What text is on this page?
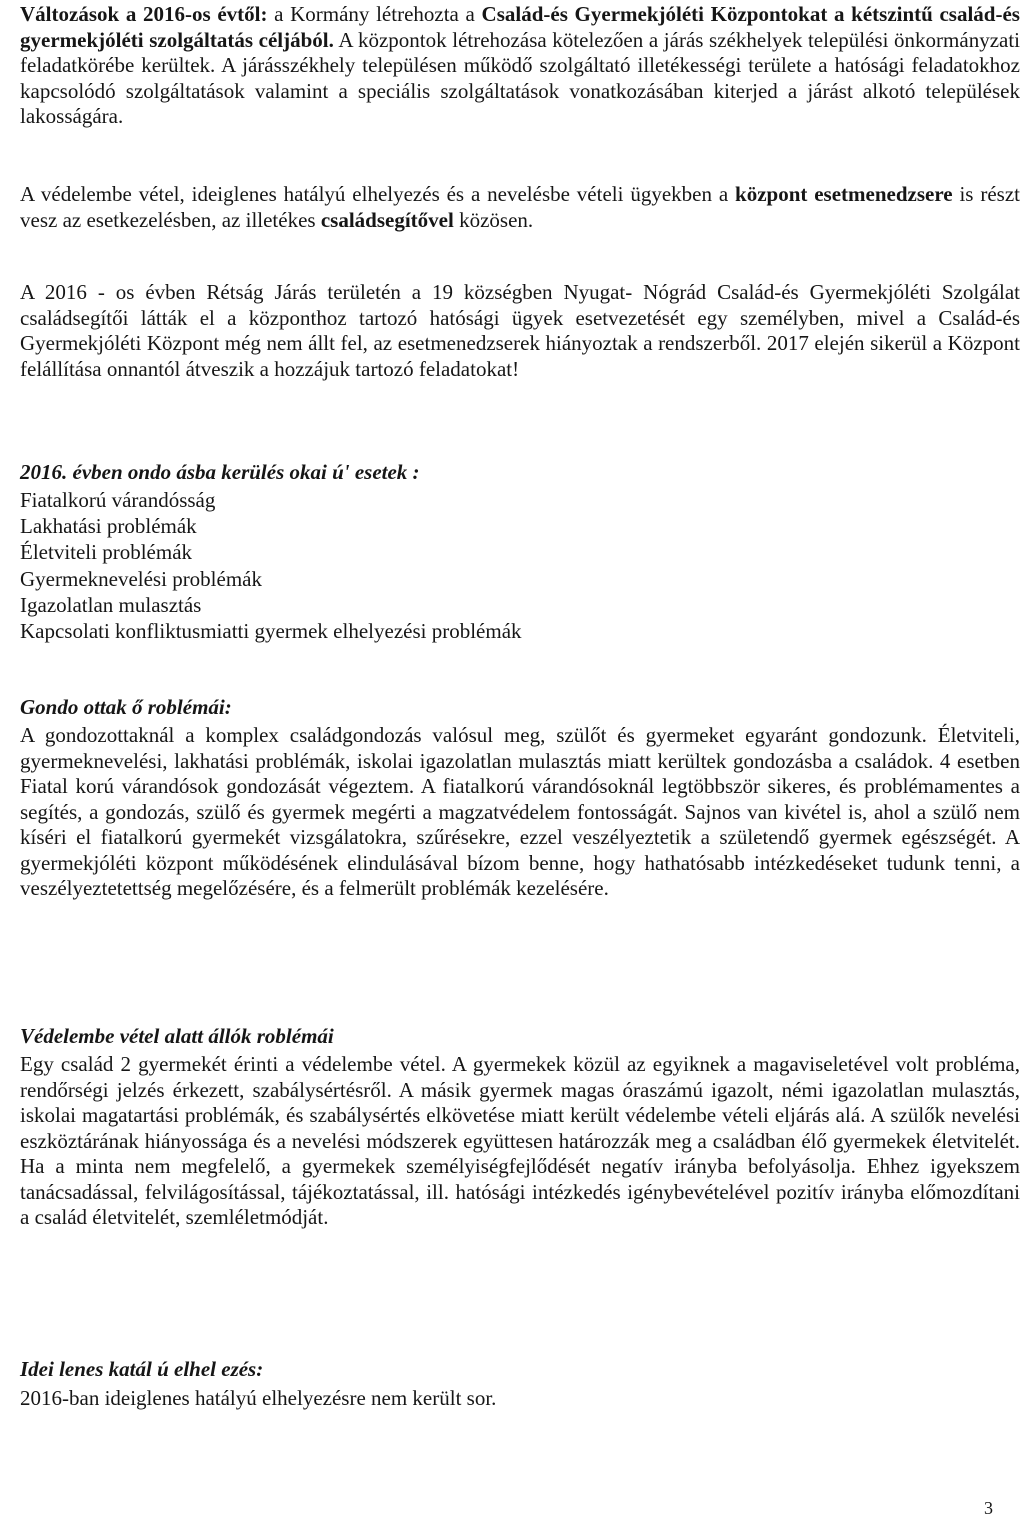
Változások a 2016-os évtől: a Kormány létrehozta a Család-és Gyermekjóléti Központokat a kétszintű család-és gyermekjóléti szolgáltatás céljából. A központok létrehozása kötelezően a járás székhelyek települési önkormányzati feladatkörébe kerültek. A járásszékhely településen működő szolgáltató illetékességi területe a hatósági feladatokhoz kapcsolódó szolgáltatások valamint a speciális szolgáltatások vonatkozásában kiterjed a járást alkotó települések lakosságára.

A védelembe vétel, ideiglenes hatályú elhelyezés és a nevelésbe vételi ügyekben a központ esetmenedzsere is részt vesz az esetkezelésben, az illetékes családsegítővel közösen.

A 2016 - os évben Rétság Járás területén a 19 községben Nyugat- Nógrád Család-és Gyermekjóléti Szolgálat családsegítői látták el a központhoz tartozó hatósági ügyek esetvezetését egy személyben, mivel a Család-és Gyermekjóléti Központ még nem állt fel, az esetmenedzserek hiányoztak a rendszerből. 2017 elején sikerül a Központ felállítása onnantól átveszik a hozzájuk tartozó feladatokat!

2016. évben ondo ásba kerülés okai ú' esetek :
Fiatalkorú várandósság
Lakhatási problémák
Életviteli problémák
Gyermeknevelési problémák
Igazolatlan mulasztás
Kapcsolati konfliktusmiatti gyermek elhelyezési problémák
Gondo ottak ő roblémái:

A gondozottaknál a komplex családgondozás valósul meg, szülőt és gyermeket egyaránt gondozunk. Életviteli, gyermeknevelési, lakhatási problémák, iskolai igazolatlan mulasztás miatt kerültek gondozásba a családok. 4 esetben Fiatal korú várandósok gondozását végeztem. A fiatalkorú várandósoknál legtöbbször sikeres, és problémamentes a segítés, a gondozás, szülő és gyermek megérti a magzatvédelem fontosságát. Sajnos van kivétel is, ahol a szülő nem kíséri el fiatalkorú gyermekét vizsgálatokra, szűrésekre, ezzel veszélyeztetik a születendő gyermek egészségét. A gyermekjóléti központ működésének elindulásával bízom benne, hogy hathatósabb intézkedéseket tudunk tenni, a veszélyeztetettség megelőzésére, és a felmerült problémák kezelésére.

Védelembe vétel alatt állók roblémái

Egy család 2 gyermekét érinti a védelembe vétel. A gyermekek közül az egyiknek a magaviseletével volt probléma, rendőrségi jelzés érkezett, szabálysértésről. A másik gyermek magas óraszámú igazolt, némi igazolatlan mulasztás, iskolai magatartási problémák, és szabálysértés elkövetése miatt került védelembe vételi eljárás alá. A szülők nevelési eszköztárának hiányossága és a nevelési módszerek együttesen határozzák meg a családban élő gyermekek életvitelét. Ha a minta nem megfelelő, a gyermekek személyiségfejlődését negatív irányba befolyásolja. Ehhez igyekszem tanácsadással, felvilágosítással, tájékoztatással, ill. hatósági intézkedés igénybevételével pozitív irányba előmozdítani a család életvitelét, szemléletmódját.

Idei lenes katál ú elhel ezés:

2016-ban ideiglenes hatályú elhelyezésre nem került sor.

3
